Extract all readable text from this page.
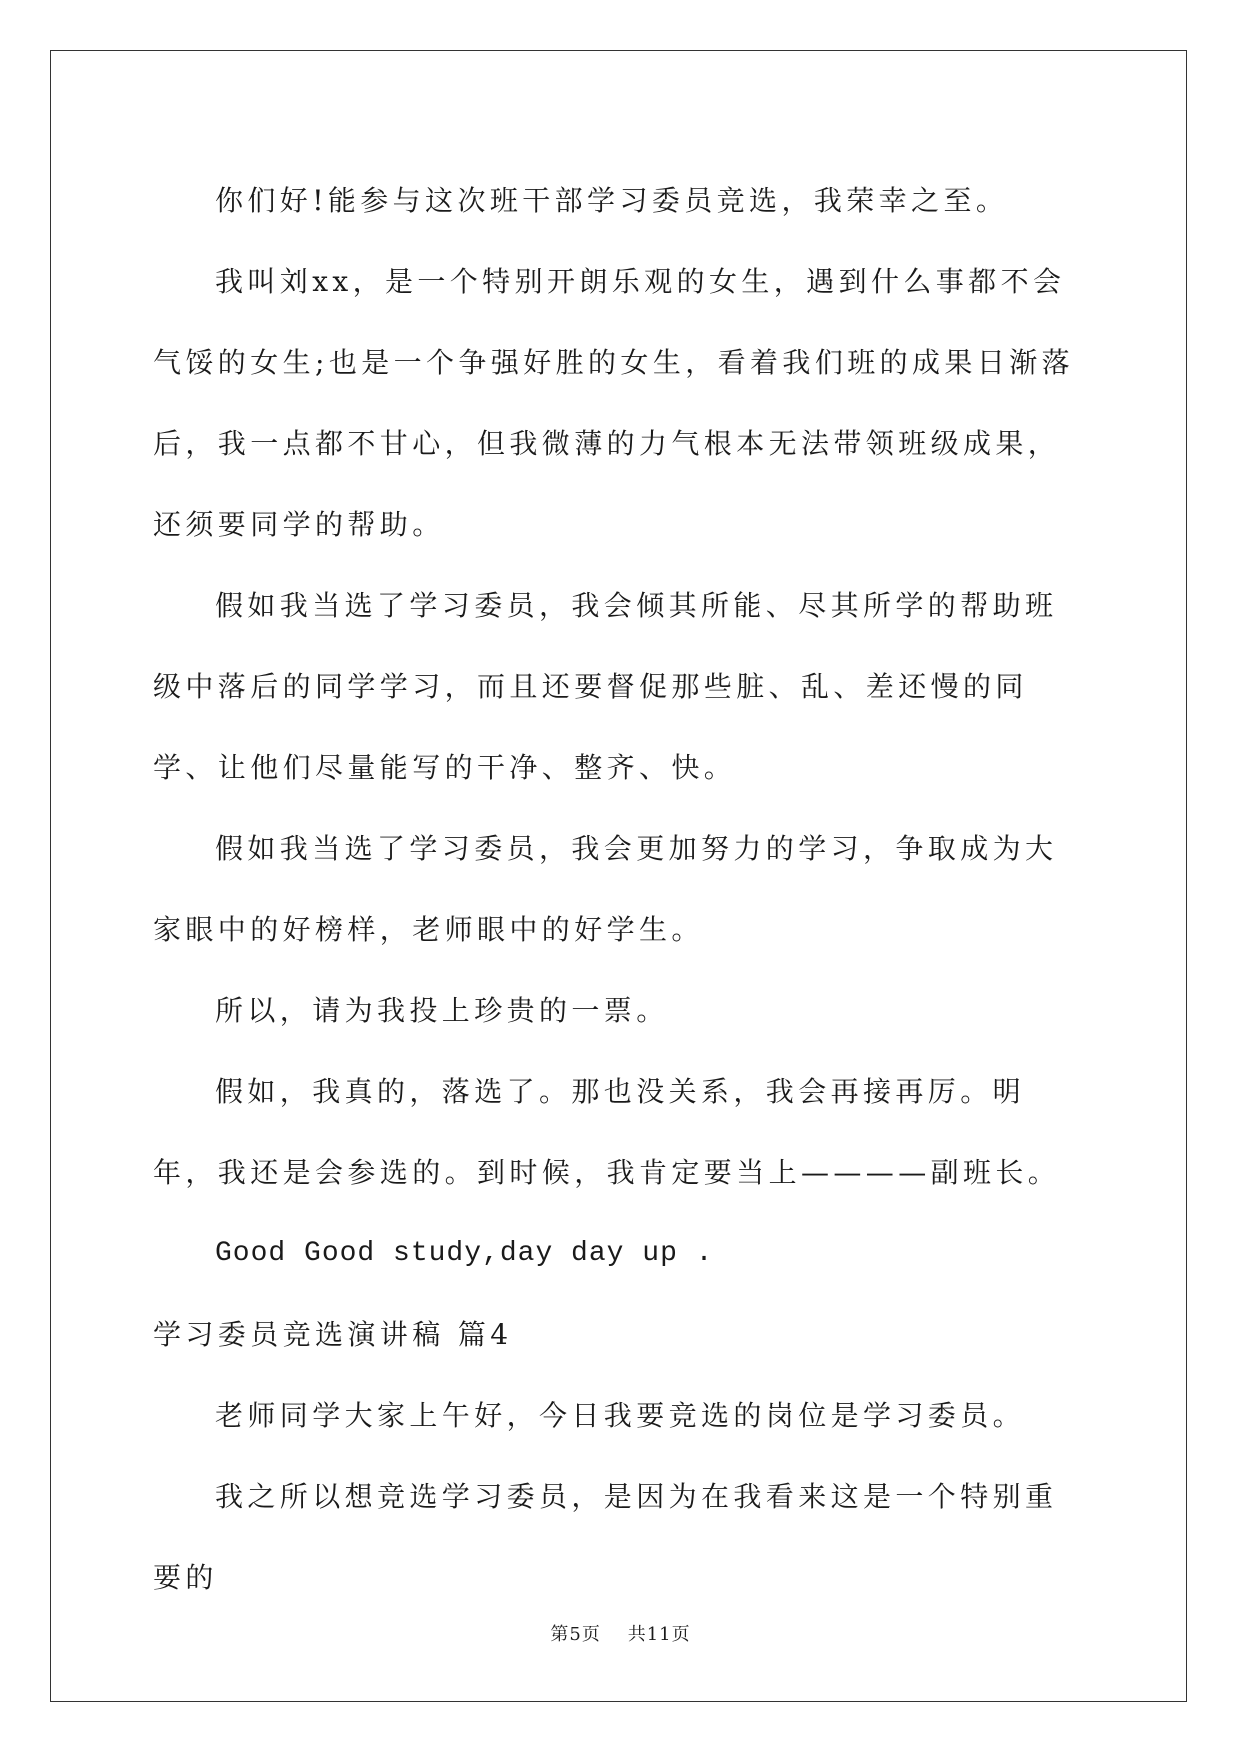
你们好!能参与这次班干部学习委员竞选，我荣幸之至。

我叫刘xx，是一个特别开朗乐观的女生，遇到什么事都不会气馁的女生;也是一个争强好胜的女生，看着我们班的成果日渐落后，我一点都不甘心，但我微薄的力气根本无法带领班级成果，还须要同学的帮助。

假如我当选了学习委员，我会倾其所能、尽其所学的帮助班级中落后的同学学习，而且还要督促那些脏、乱、差还慢的同学、让他们尽量能写的干净、整齐、快。

假如我当选了学习委员，我会更加努力的学习，争取成为大家眼中的好榜样，老师眼中的好学生。

所以，请为我投上珍贵的一票。

假如，我真的，落选了。那也没关系，我会再接再厉。明年，我还是会参选的。到时候，我肯定要当上————副班长。

Good Good study,day day up .

学习委员竞选演讲稿 篇4

老师同学大家上午好，今日我要竞选的岗位是学习委员。

我之所以想竞选学习委员，是因为在我看来这是一个特别重要的

第5页 共11页
